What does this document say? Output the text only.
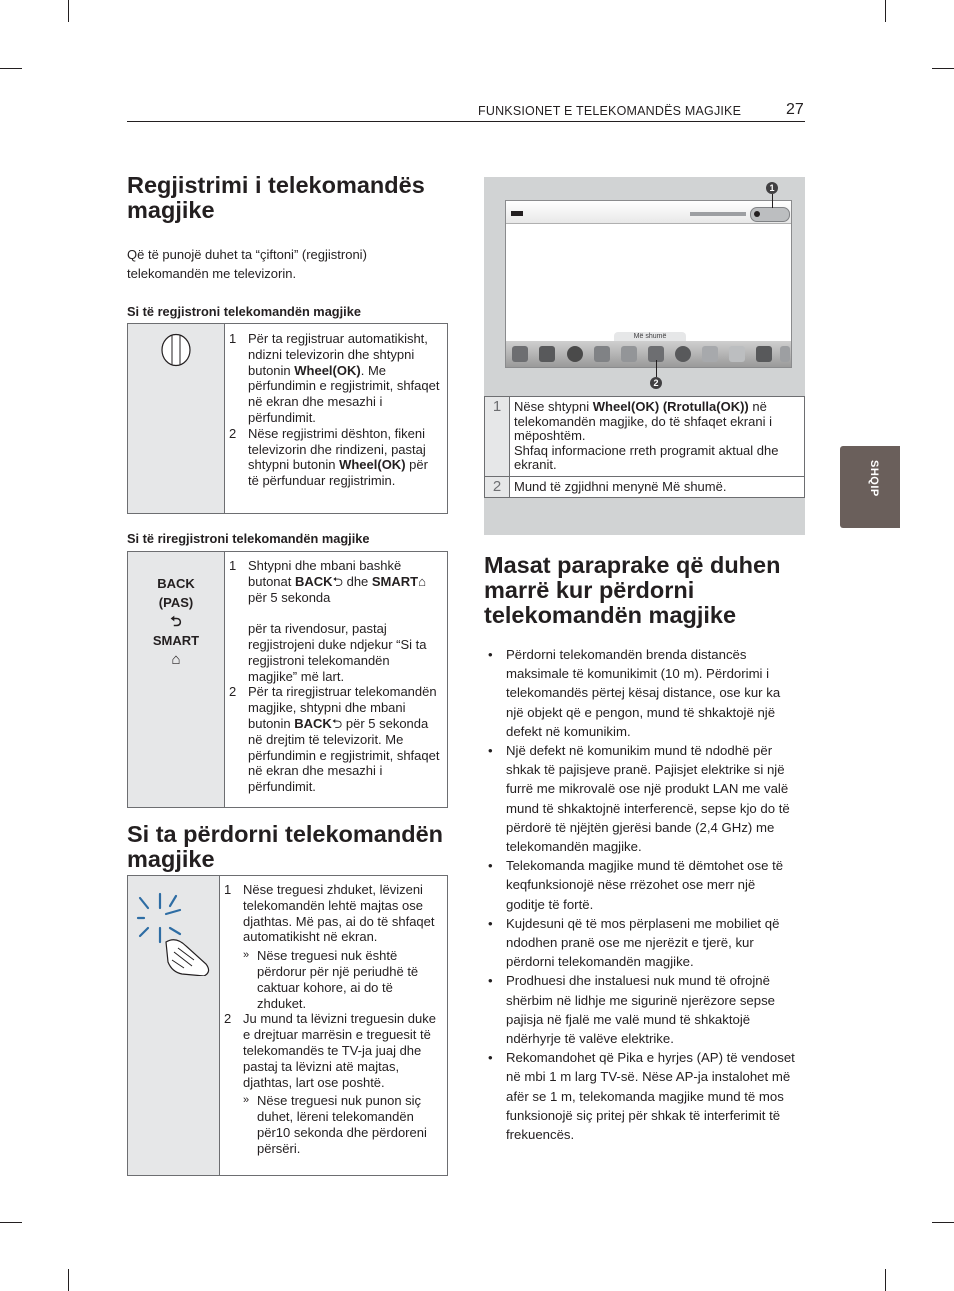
FUNKSIONET E TELEKOMANDËS MAGJIKE	27
SHQIP
Regjistrimi i telekomandës magjike
Që të punojë duhet ta “çiftoni” (regjistroni) telekomandën me televizorin.
Si të regjistroni telekomandën magjike
1 Për ta regjistruar automatikisht, ndizni televizorin dhe shtypni butonin Wheel(OK). Me përfundimin e regjistrimit, shfaqet në ekran dhe mesazhi i përfundimit.
2 Nëse regjistrimi dështon, fikeni televizorin dhe rindizeni, pastaj shtypni butonin Wheel(OK) për të përfunduar regjistrimin.
Si të riregjistroni telekomandën magjike
BACK
(PAS)
⮌
SMART
⌂
1 Shtypni dhe mbani bashkë butonat BACK⮌ dhe SMART⌂ për 5 sekonda

për ta rivendosur, pastaj regjistrojeni duke ndjekur “Si ta regjistroni telekomandën magjike” më lart.
2 Për ta riregjistruar telekomandën magjike, shtypni dhe mbani butonin BACK⮌ për 5 sekonda në drejtim të televizorit. Me përfundimin e regjistrimit, shfaqet në ekran dhe mesazhi i përfundimit.
Si ta përdorni telekomandën magjike
1 Nëse treguesi zhduket, lëvizeni telekomandën lehtë majtas ose djathtas. Më pas, ai do të shfaqet automatikisht në ekran.
» Nëse treguesi nuk është përdorur për një periudhë të caktuar kohore, ai do të zhduket.
2 Ju mund ta lëvizni treguesin duke e drejtuar marrësin e treguesit të telekomandës te TV-ja juaj dhe pastaj ta lëvizni atë majtas, djathtas, lart ose poshtë.
» Nëse treguesi nuk punon siç duhet, lëreni telekomandën për10 sekonda dhe përdoreni përsëri.
Më shumë
1
2
1	Nëse shtypni Wheel(OK) (Rrotulla(OK)) në telekomandën magjike, do të shfaqet ekrani i mëposhtëm.
Shfaq informacione rreth programit aktual dhe ekranit.
2	Mund të zgjidhni menynë Më shumë.
Masat paraprake që duhen marrë kur përdorni telekomandën magjike
• Përdorni telekomandën brenda distancës maksimale të komunikimit (10 m). Përdorimi i telekomandës përtej kësaj distance, ose kur ka një objekt që e pengon, mund të shkaktojë një defekt në komunikim.
• Një defekt në komunikim mund të ndodhë për shkak të pajisjeve pranë. Pajisjet elektrike si një furrë me mikrovalë ose një produkt LAN me valë mund të shkaktojnë interferencë, sepse kjo do të përdorë të njëjtën gjerësi bande (2,4 GHz) me telekomandën magjike.
• Telekomanda magjike mund të dëmtohet ose të keqfunksionojë nëse rrëzohet ose merr një goditje të fortë.
• Kujdesuni që të mos përplaseni me mobiliet që ndodhen pranë ose me njerëzit e tjerë, kur përdorni telekomandën magjike.
• Prodhuesi dhe instaluesi nuk mund të ofrojnë shërbim në lidhje me sigurinë njerëzore sepse pajisja në fjalë me valë mund të shkaktojë ndërhyrje të valëve elektrike.
• Rekomandohet që Pika e hyrjes (AP) të vendoset në mbi 1 m larg TV-së. Nëse AP-ja instalohet më afër se 1 m, telekomanda magjike mund të mos funksionojë siç pritej për shkak të interferimit të frekuencës.
